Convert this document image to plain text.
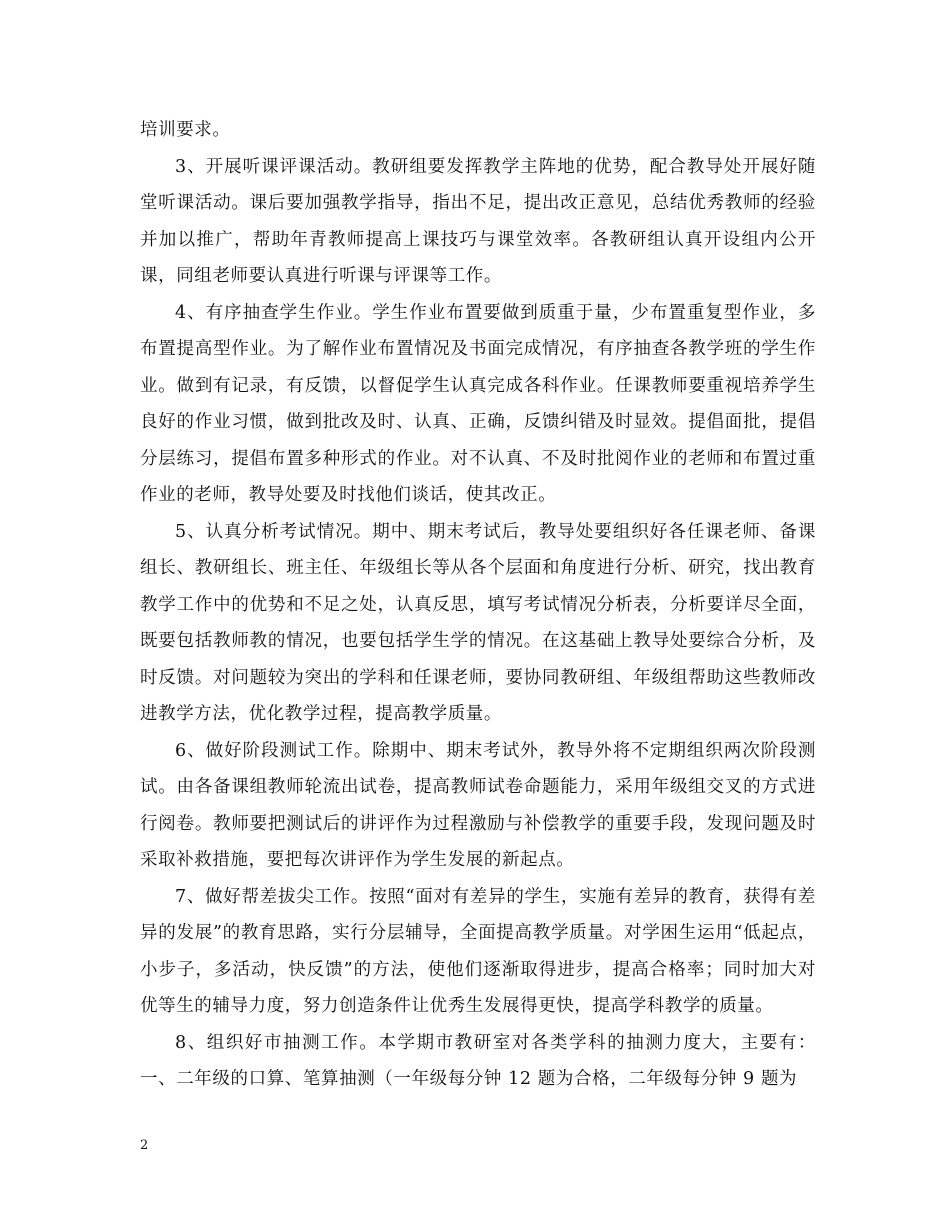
培训要求。

3、开展听课评课活动。教研组要发挥教学主阵地的优势，配合教导处开展好随堂听课活动。课后要加强教学指导，指出不足，提出改正意见，总结优秀教师的经验并加以推广，帮助年青教师提高上课技巧与课堂效率。各教研组认真开设组内公开课，同组老师要认真进行听课与评课等工作。

4、有序抽查学生作业。学生作业布置要做到质重于量，少布置重复型作业，多布置提高型作业。为了解作业布置情况及书面完成情况，有序抽查各教学班的学生作业。做到有记录，有反馈，以督促学生认真完成各科作业。任课教师要重视培养学生良好的作业习惯，做到批改及时、认真、正确，反馈纠错及时显效。提倡面批，提倡分层练习，提倡布置多种形式的作业。对不认真、不及时批阅作业的老师和布置过重作业的老师，教导处要及时找他们谈话，使其改正。

5、认真分析考试情况。期中、期末考试后，教导处要组织好各任课老师、备课组长、教研组长、班主任、年级组长等从各个层面和角度进行分析、研究，找出教育教学工作中的优势和不足之处，认真反思，填写考试情况分析表，分析要详尽全面，既要包括教师教的情况，也要包括学生学的情况。在这基础上教导处要综合分析，及时反馈。对问题较为突出的学科和任课老师，要协同教研组、年级组帮助这些教师改进教学方法，优化教学过程，提高教学质量。

6、做好阶段测试工作。除期中、期末考试外，教导外将不定期组织两次阶段测试。由各备课组教师轮流出试卷，提高教师试卷命题能力，采用年级组交叉的方式进行阅卷。教师要把测试后的讲评作为过程激励与补偿教学的重要手段，发现问题及时采取补救措施，要把每次讲评作为学生发展的新起点。

7、做好帮差拔尖工作。按照“面对有差异的学生，实施有差异的教育，获得有差异的发展”的教育思路，实行分层辅导，全面提高教学质量。对学困生运用“低起点，小步子，多活动，快反馈”的方法，使他们逐渐取得进步，提高合格率；同时加大对优等生的辅导力度，努力创造条件让优秀生发展得更快，提高学科教学的质量。

8、组织好市抽测工作。本学期市教研室对各类学科的抽测力度大，主要有：一、二年级的口算、笔算抽测（一年级每分钟 12 题为合格，二年级每分钟 9 题为

2
